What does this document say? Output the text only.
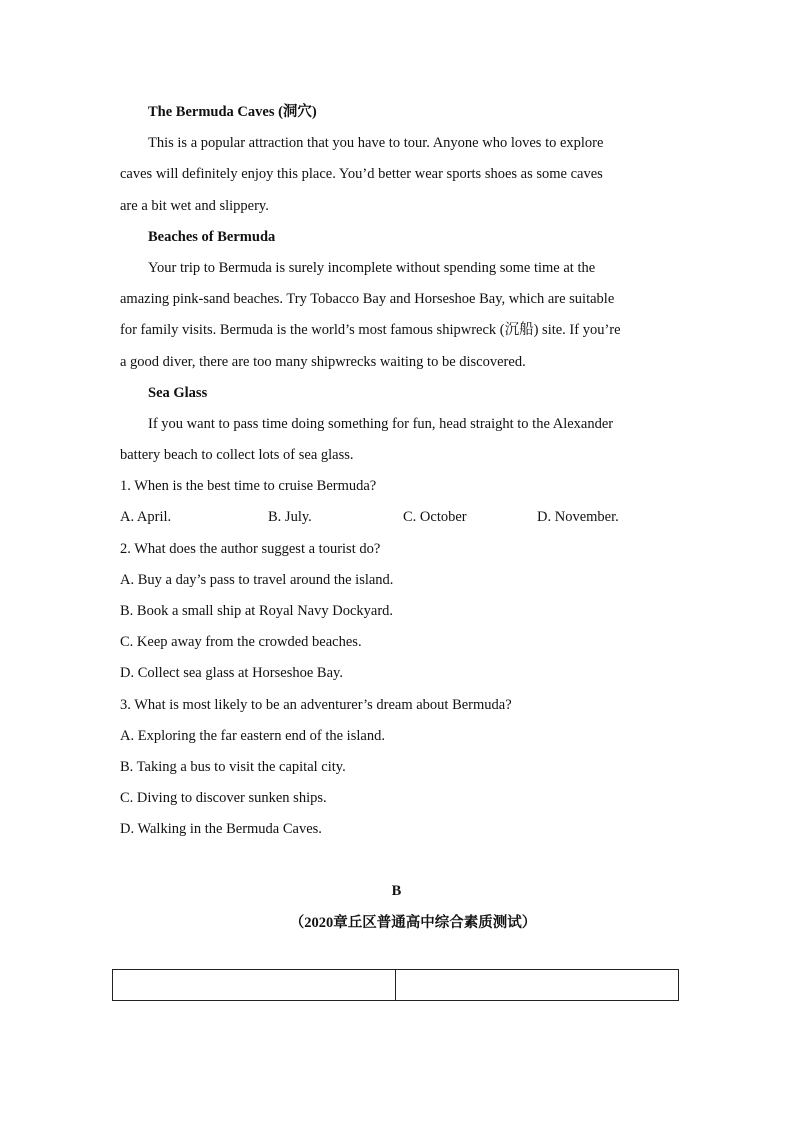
The Bermuda Caves (洞穴)
This is a popular attraction that you have to tour. Anyone who loves to explore
caves will definitely enjoy this place. You’d better wear sports shoes as some caves
are a bit wet and slippery.
Beaches of Bermuda
Your trip to Bermuda is surely incomplete without spending some time at the
amazing pink-sand beaches. Try Tobacco Bay and Horseshoe Bay, which are suitable
for family visits. Bermuda is the world’s most famous shipwreck (沉船) site. If you’re
a good diver, there are too many shipwrecks waiting to be discovered.
Sea Glass
If you want to pass time doing something for fun, head straight to the Alexander
battery beach to collect lots of sea glass.
1. When is the best time to cruise Bermuda?
A. April.	B. July.	C. October	D. November.
2. What does the author suggest a tourist do?
A. Buy a day’s pass to travel around the island.
B. Book a small ship at Royal Navy Dockyard.
C. Keep away from the crowded beaches.
D. Collect sea glass at Horseshoe Bay.
3. What is most likely to be an adventurer’s dream about Bermuda?
A. Exploring the far eastern end of the island.
B. Taking a bus to visit the capital city.
C. Diving to discover sunken ships.
D. Walking in the Bermuda Caves.
B
（2020章丘区普通高中综合素质测试）
